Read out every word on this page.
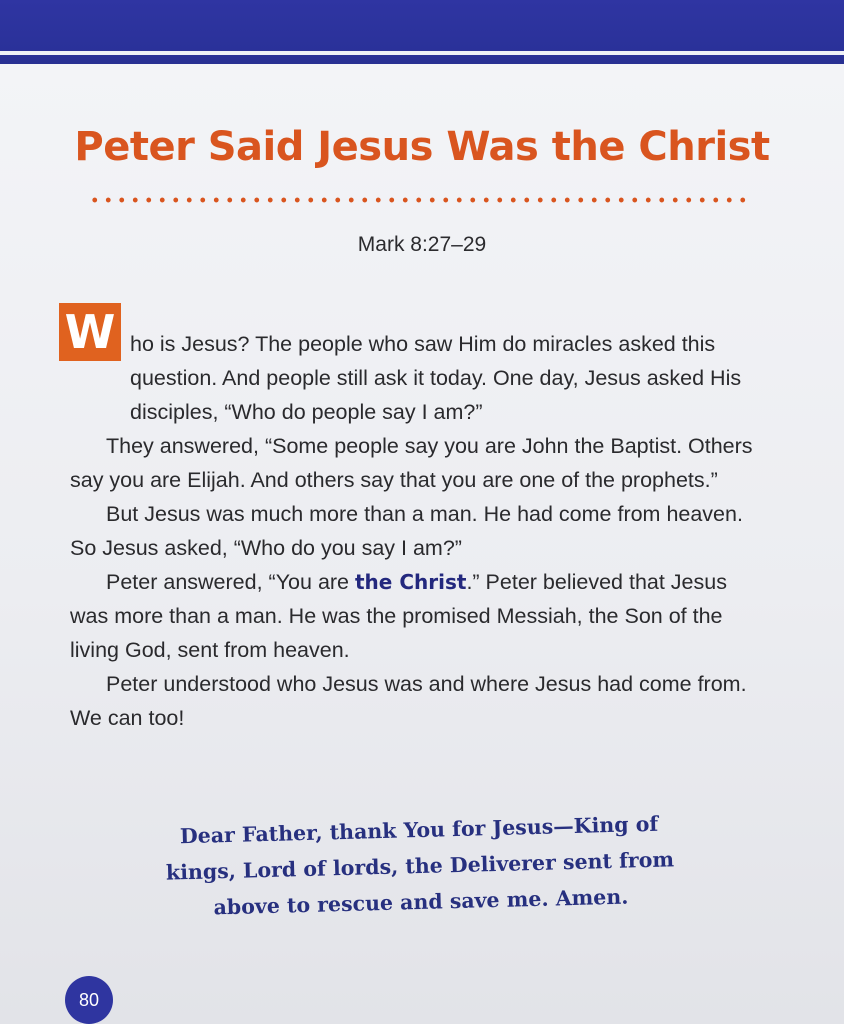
Peter Said Jesus Was the Christ
Mark 8:27–29
W ho is Jesus? The people who saw Him do miracles asked this question. And people still ask it today. One day, Jesus asked His disciples, “Who do people say I am?”

They answered, “Some people say you are John the Baptist. Others say you are Elijah. And others say that you are one of the prophets.”

But Jesus was much more than a man. He had come from heaven. So Jesus asked, “Who do you say I am?”

Peter answered, “You are the Christ.” Peter believed that Jesus was more than a man. He was the promised Messiah, the Son of the living God, sent from heaven.

Peter understood who Jesus was and where Jesus had come from. We can too!

Dear Father, thank You for Jesus—King of kings, Lord of lords, the Deliverer sent from above to rescue and save me. Amen.
80
